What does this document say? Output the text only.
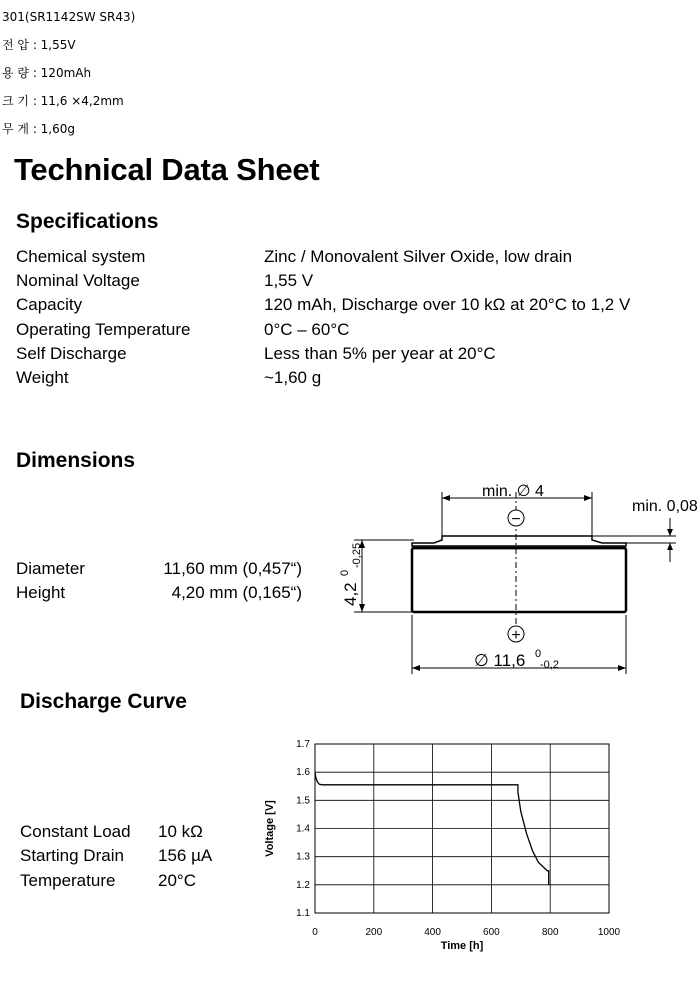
301(SR1142SW SR43)
전 압 : 1,55V
용 량 : 120mAh
크 기 : 11,6 ×4,2mm
무 게 : 1,60g
Technical Data Sheet
Specifications
Chemical system	Zinc / Monovalent Silver Oxide, low drain
Nominal Voltage	1,55 V
Capacity	120 mAh, Discharge over 10 kΩ at 20°C to 1,2 V
Operating Temperature	0°C – 60°C
Self Discharge	Less than 5% per year at 20°C
Weight	~1,60 g
Dimensions
Diameter	11,60 mm (0,457“)
Height	4,20 mm (0,165“)
min. ∅ 4
min. 0,08
−
+
4,2
0
-0,25
∅ 11,6 0
-0,2
Discharge Curve
Constant Load 10 kΩ
Starting Drain 156 µA
Temperature	20°C
0	200	400	600	800	1000
1.1
1.2
1.3
1.4
1.5
1.6
1.7
Time [h]
Voltage [V]
